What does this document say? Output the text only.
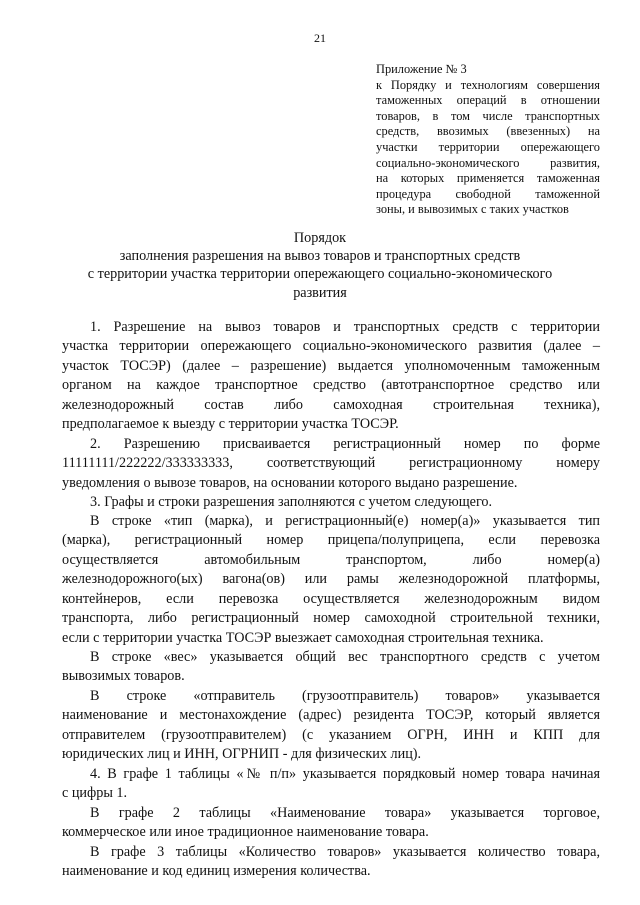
21
Приложение № 3
к Порядку и технологиям совершения
таможенных операций в отношении
товаров, в том числе транспортных
средств, ввозимых (ввезенных) на
участки территории опережающего
социально-экономического развития,
на которых применяется таможенная
процедура свободной таможенной
зоны, и вывозимых с таких участков
Порядок
заполнения разрешения на вывоз товаров и транспортных средств
с территории участка территории опережающего социально-экономического
развития
1. Разрешение на вывоз товаров и транспортных средств с территории
участка территории опережающего социально-экономического развития (далее –
участок ТОСЭР) (далее – разрешение) выдается уполномоченным таможенным
органом на каждое транспортное средство (автотранспортное средство или
железнодорожный состав либо самоходная строительная техника),
предполагаемое к выезду с территории участка ТОСЭР.
2. Разрешению присваивается регистрационный номер по форме
11111111/222222/333333333, соответствующий регистрационному номеру
уведомления о вывозе товаров, на основании которого выдано разрешение.
3. Графы и строки разрешения заполняются с учетом следующего.
В строке «тип (марка), и регистрационный(е) номер(а)» указывается тип
(марка), регистрационный номер прицепа/полуприцепа, если перевозка
осуществляется автомобильным транспортом, либо номер(а)
железнодорожного(ых) вагона(ов) или рамы железнодорожной платформы,
контейнеров, если перевозка осуществляется железнодорожным видом
транспорта, либо регистрационный номер самоходной строительной техники,
если с территории участка ТОСЭР выезжает самоходная строительная техника.
В строке «вес» указывается общий вес транспортного средств с учетом
вывозимых товаров.
В строке «отправитель (грузоотправитель) товаров» указывается
наименование и местонахождение (адрес) резидента ТОСЭР, который является
отправителем (грузоотправителем) (с указанием ОГРН, ИНН и КПП для
юридических лиц и ИНН, ОГРНИП - для физических лиц).
4. В графе 1 таблицы «№ п/п» указывается порядковый номер товара начиная
с цифры 1.
В графе 2 таблицы «Наименование товара» указывается торговое,
коммерческое или иное традиционное наименование товара.
В графе 3 таблицы «Количество товаров» указывается количество товара,
наименование и код единиц измерения количества.
